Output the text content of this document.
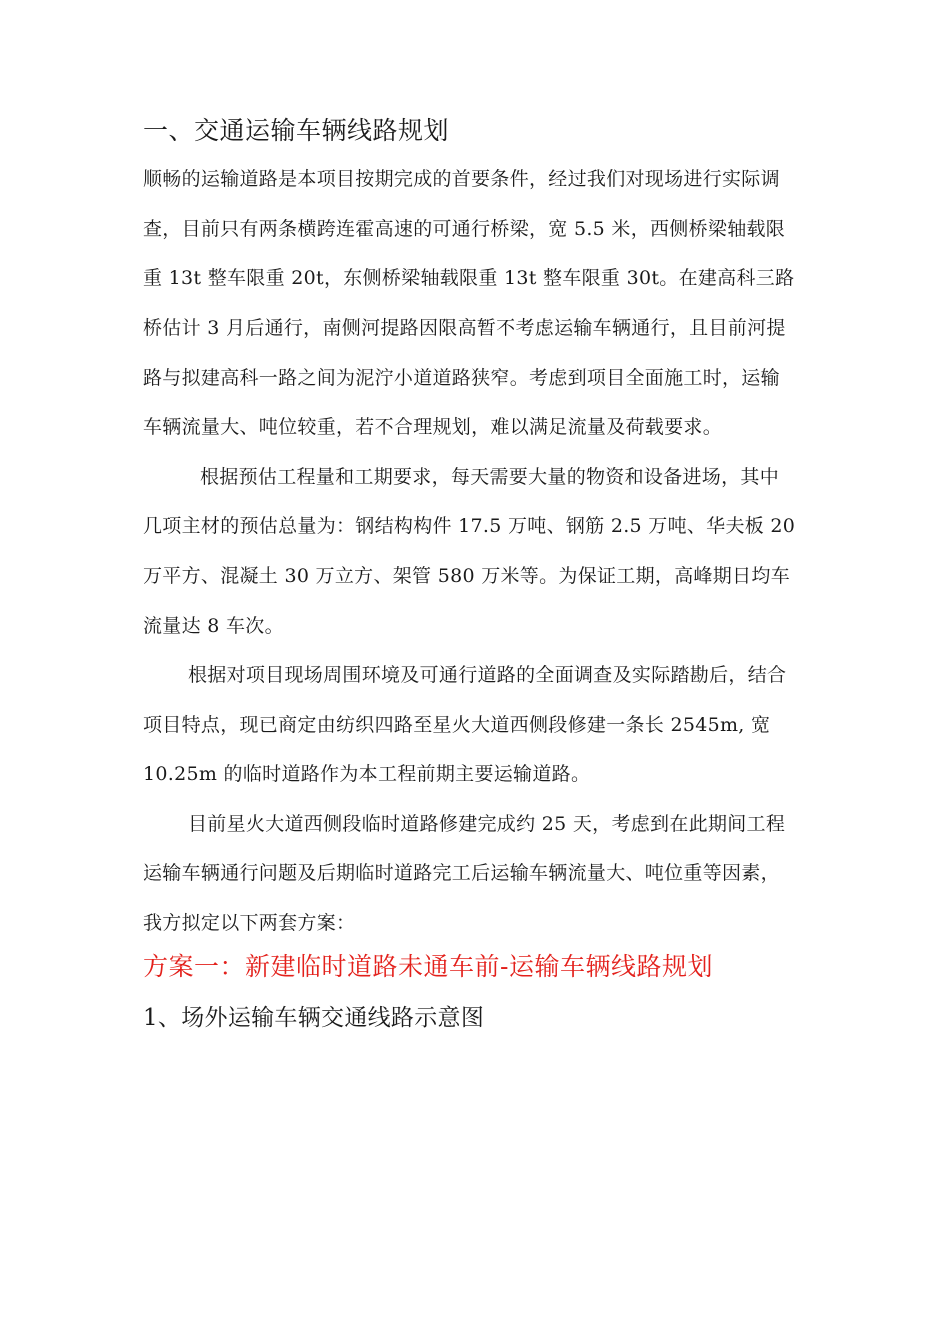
一、交通运输车辆线路规划
顺畅的运输道路是本项目按期完成的首要条件，经过我们对现场进行实际调
查，目前只有两条横跨连霍高速的可通行桥梁，宽 5.5 米，西侧桥梁轴载限
重 13t 整车限重 20t，东侧桥梁轴载限重 13t 整车限重 30t。在建高科三路
桥估计 3 月后通行，南侧河提路因限高暂不考虑运输车辆通行，且目前河提
路与拟建高科一路之间为泥泞小道道路狭窄。考虑到项目全面施工时，运输
车辆流量大、吨位较重，若不合理规划，难以满足流量及荷载要求。
根据预估工程量和工期要求，每天需要大量的物资和设备进场，其中
几项主材的预估总量为：钢结构构件 17.5 万吨、钢筋 2.5 万吨、华夫板 20
万平方、混凝土 30 万立方、架管 580 万米等。为保证工期，高峰期日均车
流量达 8 车次。
根据对项目现场周围环境及可通行道路的全面调查及实际踏勘后，结合
项目特点，现已商定由纺织四路至星火大道西侧段修建一条长 2545m, 宽
10.25m 的临时道路作为本工程前期主要运输道路。
目前星火大道西侧段临时道路修建完成约 25 天，考虑到在此期间工程
运输车辆通行问题及后期临时道路完工后运输车辆流量大、吨位重等因素，
我方拟定以下两套方案：
方案一：新建临时道路未通车前-运输车辆线路规划
1、场外运输车辆交通线路示意图
